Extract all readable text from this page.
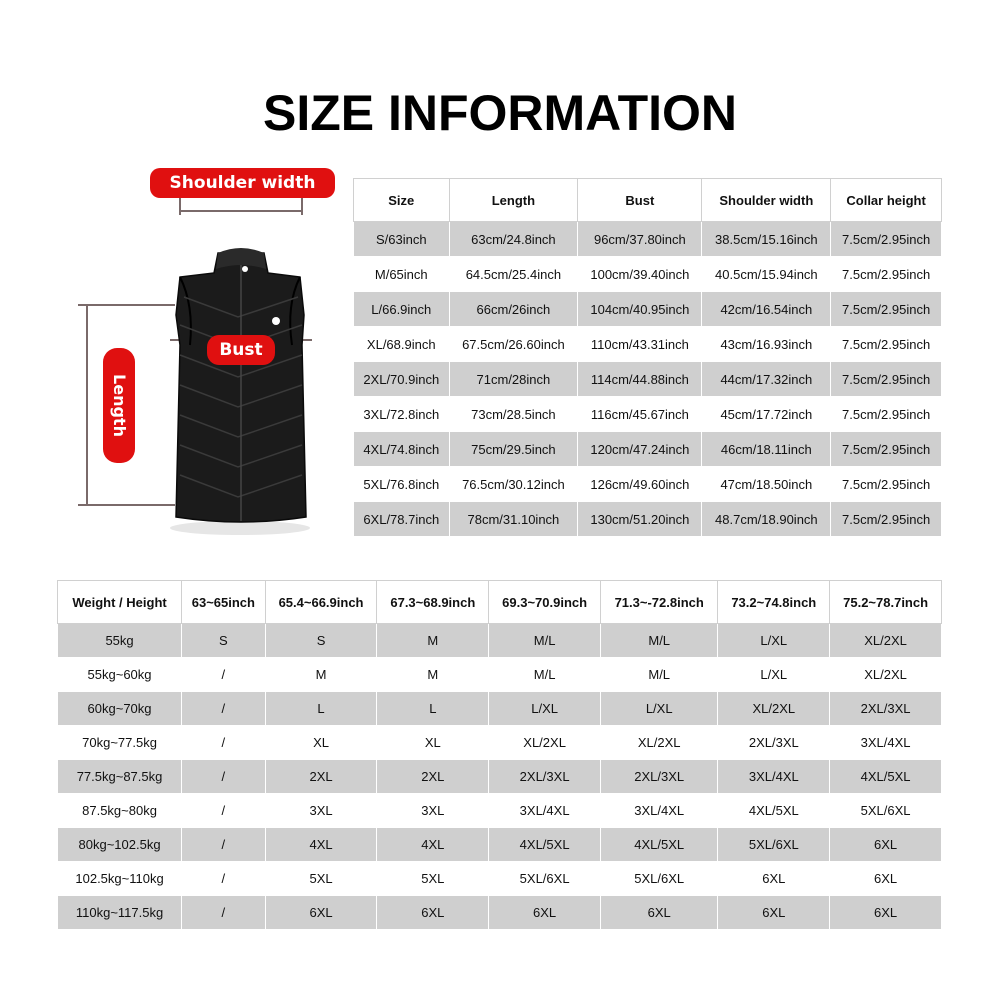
SIZE INFORMATION
Shoulder width
Bust
Length
Size	Length	Bust	Shoulder width	Collar height
S/63inch	63cm/24.8inch	96cm/37.80inch	38.5cm/15.16inch	7.5cm/2.95inch
M/65inch	64.5cm/25.4inch	100cm/39.40inch	40.5cm/15.94inch	7.5cm/2.95inch
L/66.9inch	66cm/26inch	104cm/40.95inch	42cm/16.54inch	7.5cm/2.95inch
XL/68.9inch	67.5cm/26.60inch	110cm/43.31inch	43cm/16.93inch	7.5cm/2.95inch
2XL/70.9inch	71cm/28inch	114cm/44.88inch	44cm/17.32inch	7.5cm/2.95inch
3XL/72.8inch	73cm/28.5inch	116cm/45.67inch	45cm/17.72inch	7.5cm/2.95inch
4XL/74.8inch	75cm/29.5inch	120cm/47.24inch	46cm/18.11inch	7.5cm/2.95inch
5XL/76.8inch	76.5cm/30.12inch	126cm/49.60inch	47cm/18.50inch	7.5cm/2.95inch
6XL/78.7inch	78cm/31.10inch	130cm/51.20inch	48.7cm/18.90inch	7.5cm/2.95inch
Weight / Height	63~65inch	65.4~66.9inch	67.3~68.9inch	69.3~70.9inch	71.3~-72.8inch	73.2~74.8inch	75.2~78.7inch
55kg	S	S	M	M/L	M/L	L/XL	XL/2XL
55kg~60kg	/	M	M	M/L	M/L	L/XL	XL/2XL
60kg~70kg	/	L	L	L/XL	L/XL	XL/2XL	2XL/3XL
70kg~77.5kg	/	XL	XL	XL/2XL	XL/2XL	2XL/3XL	3XL/4XL
77.5kg~87.5kg	/	2XL	2XL	2XL/3XL	2XL/3XL	3XL/4XL	4XL/5XL
87.5kg~80kg	/	3XL	3XL	3XL/4XL	3XL/4XL	4XL/5XL	5XL/6XL
80kg~102.5kg	/	4XL	4XL	4XL/5XL	4XL/5XL	5XL/6XL	6XL
102.5kg~110kg	/	5XL	5XL	5XL/6XL	5XL/6XL	6XL	6XL
110kg~117.5kg	/	6XL	6XL	6XL	6XL	6XL	6XL
